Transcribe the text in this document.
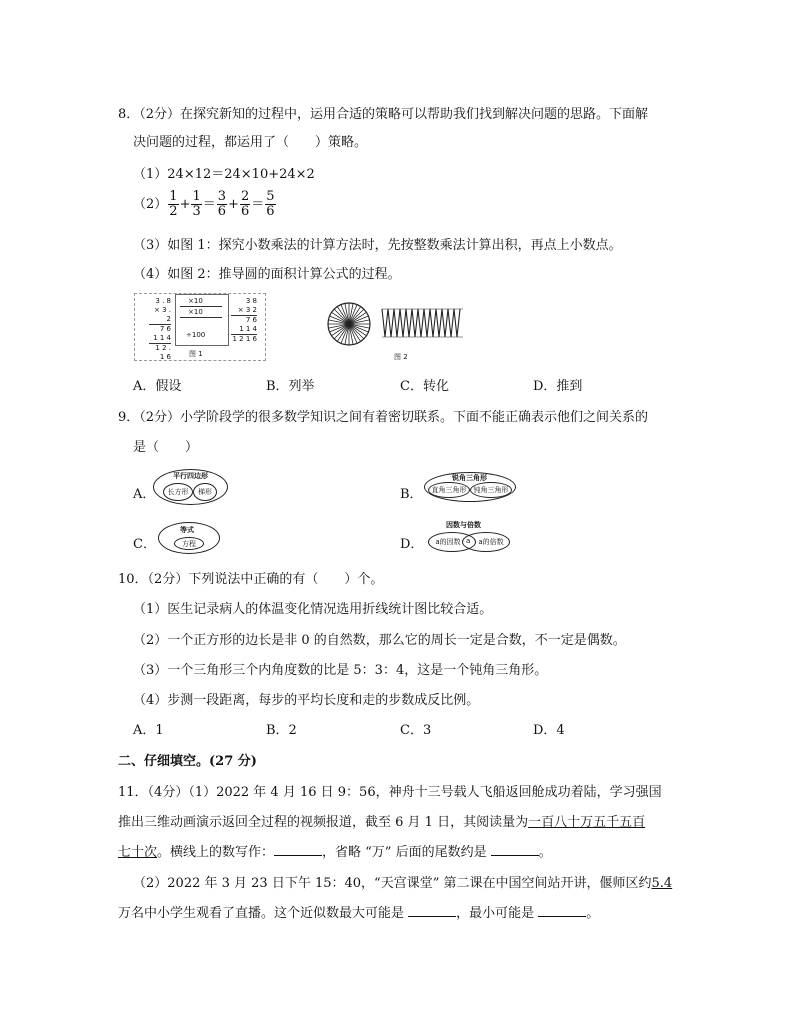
8．（2分）在探究新知的过程中，运用合适的策略可以帮助我们找到解决问题的思路。下面解
决问题的过程，都运用了（　　）策略。
（1）24×12＝24×10+24×2
$(2) \frac{1}{2} + \frac{1}{3} = \frac{3}{6} + \frac{2}{6} = \frac{5}{6}$
（3）如图 1：探究小数乘法的计算方法时，先按整数乘法计算出积，再点上小数点。
（4）如图 2：推导圆的面积计算公式的过程。
3 . 8
× 3 . 2
7 6
1 1 4
1 2 . 1 6
×10
×10
÷100
3 8
× 3 2
7 6
1 1 4
1 2 1 6
图 1	图 2
A．假设	B．列举	C．转化	D．推到
9．（2分）小学阶段学的很多数学知识之间有着密切联系。下面不能正确表示他们之间关系的
是（　　）
A．
平行四边形
长方形	梯形	B．
锐角三角形
直角三角形	钝角三角形
C．
等式
方程	D．
因数与倍数
a的因数	a的倍数
a
10．（2分）下列说法中正确的有（　　）个。
（1）医生记录病人的体温变化情况选用折线统计图比较合适。
（2）一个正方形的边长是非 0 的自然数，那么它的周长一定是合数，不一定是偶数。
（3）一个三角形三个内角度数的比是 5：3：4，这是一个钝角三角形。
（4）步测一段距离，每步的平均长度和走的步数成反比例。
A．1	B．2	C．3	D．4
二、仔细填空。(27 分)
11．（4分）（1）2022 年 4 月 16 日 9：56，神舟十三号载人飞船返回舱成功着陆，学习强国
推出三维动画演示返回全过程的视频报道，截至 6 月 1 日，其阅读量为一百八十万五千五百
七十次。横线上的数写作：	，省略 “万” 后面的尾数约是	。
（2）2022 年 3 月 23 日下午 15：40，“天宫课堂” 第二课在中国空间站开讲，偃师区约5.4
万名中小学生观看了直播。这个近似数最大可能是	，最小可能是	。
